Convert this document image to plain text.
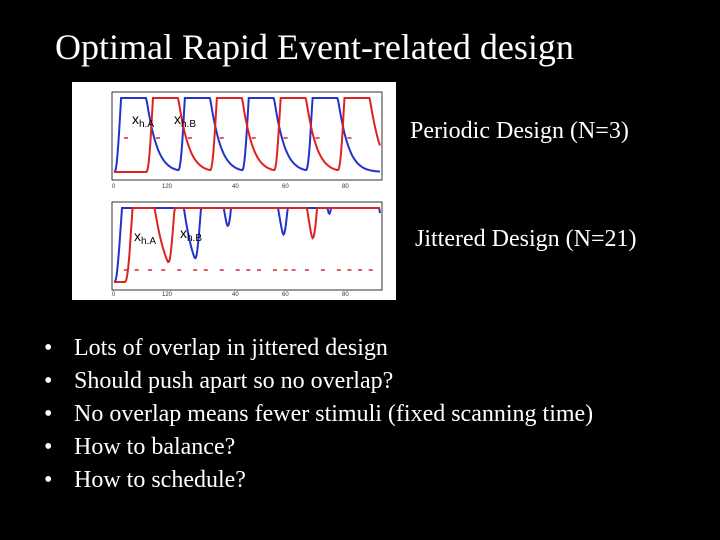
Optimal Rapid Event-related design
$x_{h.A}$ $x_{h.B}$
0	120	40	60	80
$x_{h.A}$
$x_{h.B}$
0	120	40	60	80
Periodic Design (N=3)
Jittered Design (N=21)
• Lots of overlap in jittered design
• Should push apart so no overlap?
• No overlap means fewer stimuli (fixed scanning time)
• How to balance?
• How to schedule?
